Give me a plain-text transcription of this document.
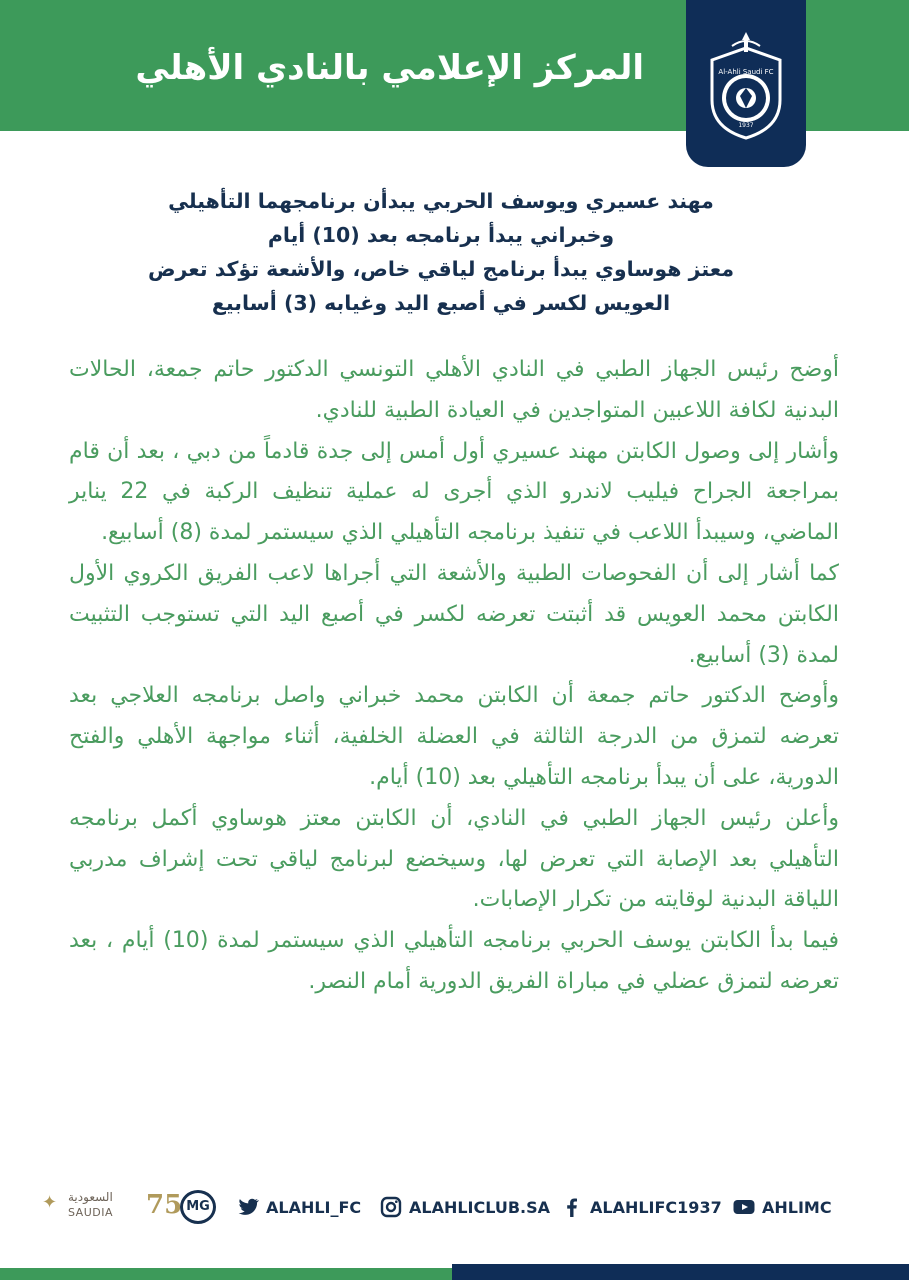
المركز الإعلامي بالنادي الأهلي	Al-Ahli Saudi FC
1937
مهند عسيري ويوسف الحربي يبدأن برنامجهما التأهيلي
وخبراني يبدأ برنامجه بعد (10) أيام
معتز هوساوي يبدأ برنامج لياقي خاص، والأشعة تؤكد تعرض
العويس لكسر في أصبع اليد وغيابه (3) أسابيع

أوضح رئيس الجهاز الطبي في النادي الأهلي التونسي الدكتور حاتم جمعة، الحالات البدنية لكافة اللاعبين المتواجدين في العيادة الطبية للنادي.

وأشار إلى وصول الكابتن مهند عسيري أول أمس إلى جدة قادماً من دبي ، بعد أن قام بمراجعة الجراح فيليب لاندرو الذي أجرى له عملية تنظيف الركبة في 22 يناير الماضي، وسيبدأ اللاعب في تنفيذ برنامجه التأهيلي الذي سيستمر لمدة (8) أسابيع.

كما أشار إلى أن الفحوصات الطبية والأشعة التي أجراها لاعب الفريق الكروي الأول الكابتن محمد العويس قد أثبتت تعرضه لكسر في أصبع اليد التي تستوجب التثبيت لمدة (3) أسابيع.

وأوضح الدكتور حاتم جمعة أن الكابتن محمد خبراني واصل برنامجه العلاجي بعد تعرضه لتمزق من الدرجة الثالثة في العضلة الخلفية، أثناء مواجهة الأهلي والفتح الدورية، على أن يبدأ برنامجه التأهيلي بعد (10) أيام.

وأعلن رئيس الجهاز الطبي في النادي، أن الكابتن معتز هوساوي أكمل برنامجه التأهيلي بعد الإصابة التي تعرض لها، وسيخضع لبرنامج لياقي تحت إشراف مدربي اللياقة البدنية لوقايته من تكرار الإصابات.

فيما بدأ الكابتن يوسف الحربي برنامجه التأهيلي الذي سيستمر لمدة (10) أيام ، بعد تعرضه لتمزق عضلي في مباراة الفريق الدورية أمام النصر.

✦ السعودية
SAUDIA 75 MG	ALAHLI_FC	ALAHLICLUB.SA ALAHLIFC1937	AHLIMC
